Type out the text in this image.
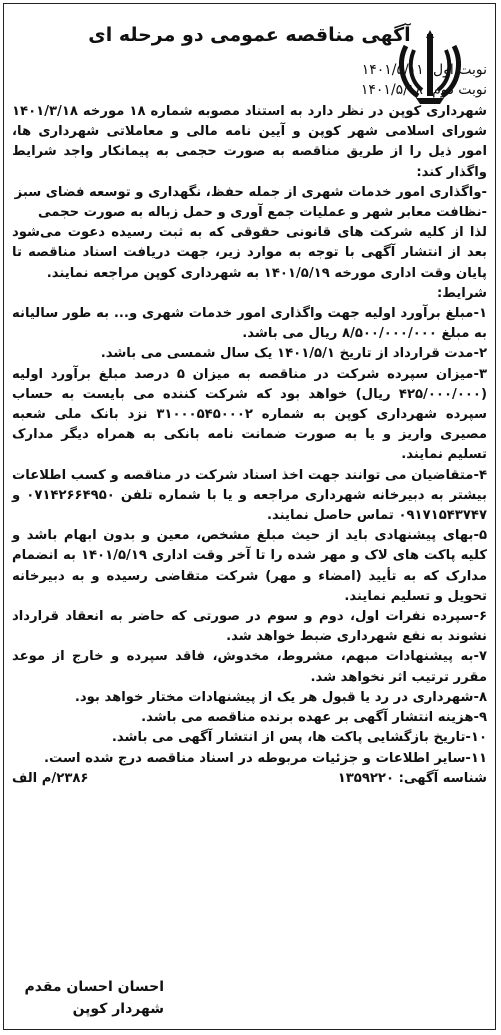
آگهی مناقصه عمومی دو مرحله ای
نوبت اول: ۱۴۰۱/۵/۱۱
نوبت دوم: ۱۴۰۱/۵/۱۸

شهرداری کوپن در نظر دارد به استناد مصوبه شماره ۱۸ مورخه ۱۴۰۱/۳/۱۸ شورای اسلامی شهر کوپن و آیین نامه مالی و معاملاتی شهرداری ها، امور ذیل را از طریق مناقصه به صورت حجمی به پیمانکار واجد شرایط واگذار کند:

-واگذاری امور خدمات شهری از جمله حفظ، نگهداری و توسعه فضای سبز

-نظافت معابر شهر و عملیات جمع آوری و حمل زباله به صورت حجمی

لذا از کلیه شرکت های قانونی حقوقی که به ثبت رسیده دعوت می‌شود بعد از انتشار آگهی با توجه به موارد زیر، جهت دریافت اسناد مناقصه تا پایان وقت اداری مورخه ۱۴۰۱/۵/۱۹ به شهرداری کوپن مراجعه نمایند.

شرایط:

۱-مبلغ برآورد اولیه جهت واگذاری امور خدمات شهری و... به طور سالیانه به مبلغ ۸/۵۰۰/۰۰۰/۰۰۰ ریال می باشد.

۲-مدت قرارداد از تاریخ ۱۴۰۱/۵/۱ یک سال شمسی می باشد.

۳-میزان سپرده شرکت در مناقصه به میزان ۵ درصد مبلغ برآورد اولیه (۴۲۵/۰۰۰/۰۰۰ ریال) خواهد بود که شرکت کننده می بایست به حساب سپرده شهرداری کوپن به شماره ۳۱۰۰۰۵۴۵۰۰۰۲ نزد بانک ملی شعبه مصیری واریز و یا به صورت ضمانت نامه بانکی به همراه دیگر مدارک تسلیم نمایند.

۴-متقاضیان می توانند جهت اخذ اسناد شرکت در مناقصه و کسب اطلاعات بیشتر به دبیرخانه شهرداری مراجعه و یا با شماره تلفن ۰۷۱۴۲۶۶۴۹۵۰ و ۰۹۱۷۱۵۴۳۷۴۷ تماس حاصل نمایند.

۵-بهای پیشنهادی باید از حیث مبلغ مشخص، معین و بدون ابهام باشد و کلیه پاکت های لاک و مهر شده را تا آخر وقت اداری ۱۴۰۱/۵/۱۹ به انضمام مدارک که به تأیید (امضاء و مهر) شرکت متقاضی رسیده و به دبیرخانه تحویل و تسلیم نمایند.

۶-سپرده نفرات اول، دوم و سوم در صورتی که حاضر به انعقاد قرارداد نشوند به نفع شهرداری ضبط خواهد شد.

۷-به پیشنهادات مبهم، مشروط، مخدوش، فاقد سپرده و خارج از موعد مقرر ترتیب اثر نخواهد شد.

۸-شهرداری در رد یا قبول هر یک از پیشنهادات مختار خواهد بود.

۹-هزینه انتشار آگهی بر عهده برنده مناقصه می باشد.

۱۰-تاریخ بازگشایی پاکت ها، پس از انتشار آگهی می باشد.

۱۱-سایر اطلاعات و جزئیات مربوطه در اسناد مناقصه درج شده است.

شناسه آگهی: ۱۳۵۹۲۲۰
۲۳۸۶/م الف
احسان احسان مقدم
شهردار کوپن
